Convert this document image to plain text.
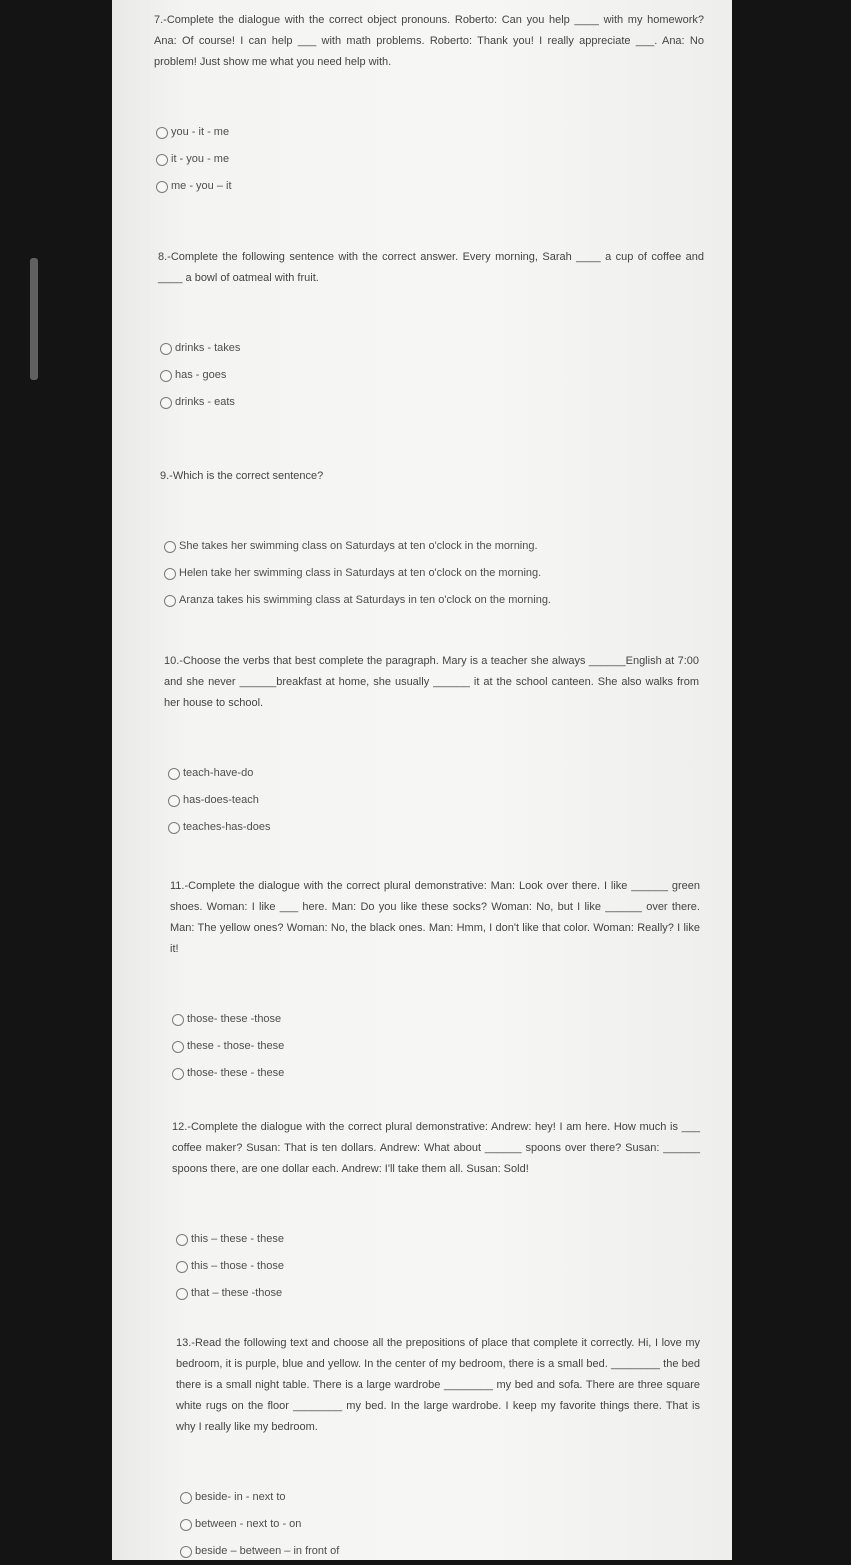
7.-Complete the dialogue with the correct object pronouns. Roberto: Can you help ____ with my homework? Ana: Of course! I can help ___ with math problems. Roberto: Thank you! I really appreciate ___. Ana: No problem! Just show me what you need help with.
you - it - me
it - you - me
me - you – it
8.-Complete the following sentence with the correct answer. Every morning, Sarah ____ a cup of coffee and ____ a bowl of oatmeal with fruit.
drinks - takes
has - goes
drinks - eats
9.-Which is the correct sentence?
She takes her swimming class on Saturdays at ten o'clock in the morning.
Helen take her swimming class in Saturdays at ten o'clock on the morning.
Aranza takes his swimming class at Saturdays in ten o'clock on the morning.
10.-Choose the verbs that best complete the paragraph. Mary is a teacher she always ______English at 7:00 and she never ______breakfast at home, she usually ______ it at the school canteen. She also walks from her house to school.
teach-have-do
has-does-teach
teaches-has-does
11.-Complete the dialogue with the correct plural demonstrative: Man: Look over there. I like ______ green shoes. Woman: I like ___ here. Man: Do you like these socks? Woman: No, but I like ______ over there. Man: The yellow ones? Woman: No, the black ones. Man: Hmm, I don't like that color. Woman: Really? I like it!
those- these -those
these - those- these
those- these - these
12.-Complete the dialogue with the correct plural demonstrative: Andrew: hey! I am here. How much is ___ coffee maker? Susan: That is ten dollars. Andrew: What about ______ spoons over there? Susan: ______ spoons there, are one dollar each. Andrew: I'll take them all. Susan: Sold!
this – these - these
this – those - those
that – these -those
13.-Read the following text and choose all the prepositions of place that complete it correctly. Hi, I love my bedroom, it is purple, blue and yellow. In the center of my bedroom, there is a small bed. ________ the bed there is a small night table. There is a large wardrobe ________ my bed and sofa. There are three square white rugs on the floor ________ my bed. In the large wardrobe. I keep my favorite things there. That is why I really like my bedroom.
beside- in - next to
between - next to - on
beside – between – in front of
